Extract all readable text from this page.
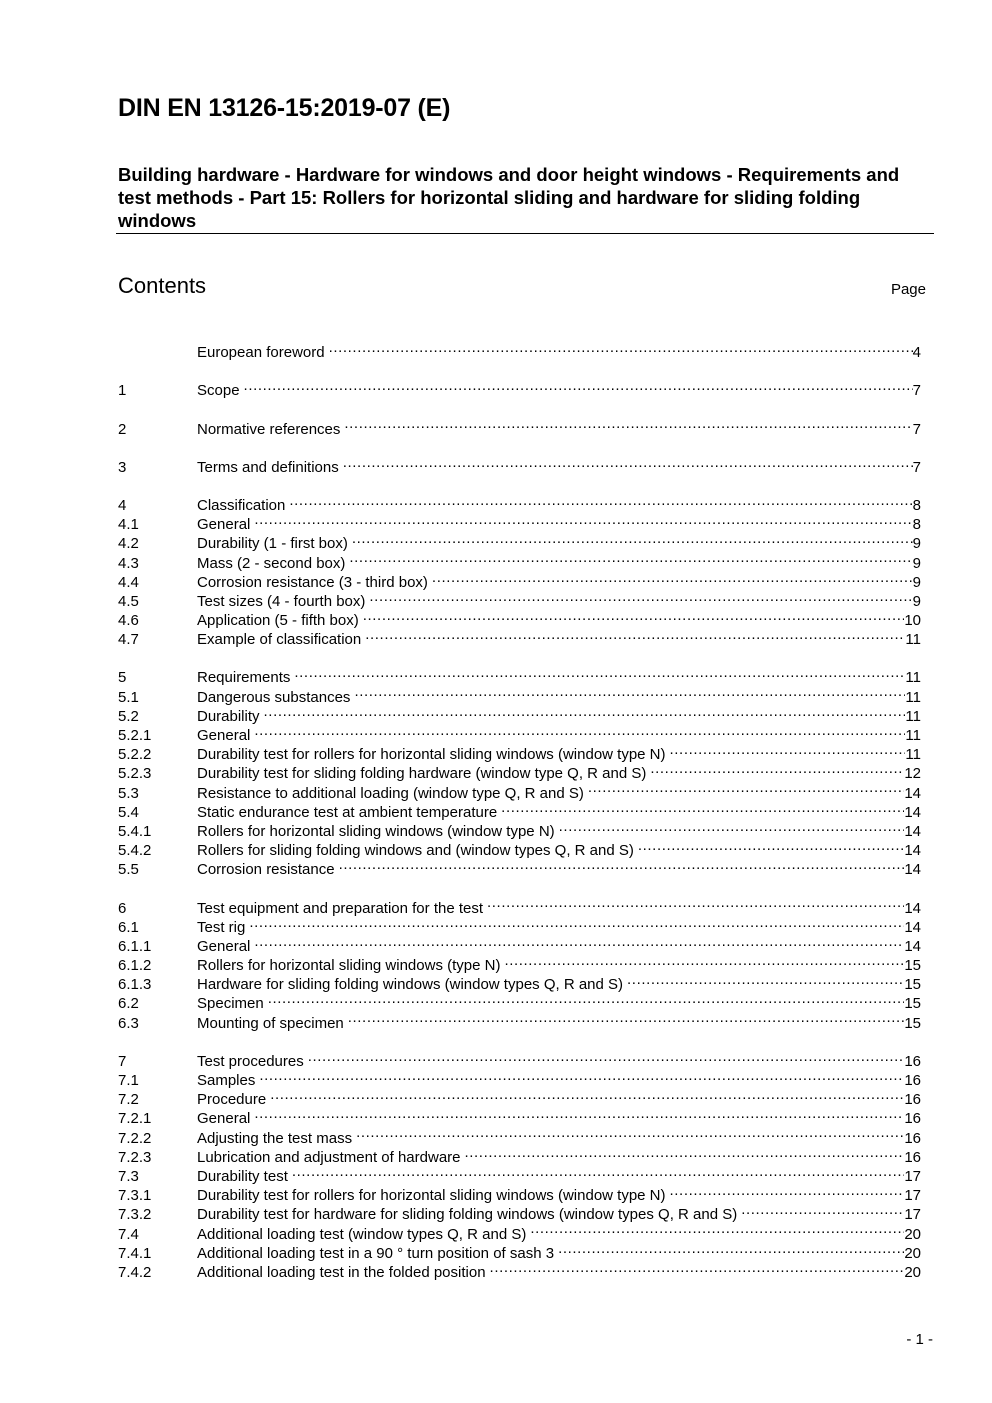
DIN EN 13126-15:2019-07 (E)
Building hardware - Hardware for windows and door height windows - Requirements and test methods - Part 15: Rollers for horizontal sliding and hardware for sliding folding windows
Contents	Page
European foreword .....	4
1	Scope .....	7
2	Normative references .....	7
3	Terms and definitions .....	7
4	Classification .....	8
4.1	General .....	8
4.2	Durability (1 - first box) .....	9
4.3	Mass (2 - second box) .....	9
4.4	Corrosion resistance (3 - third box) .....	9
4.5	Test sizes (4 - fourth box) .....	9
4.6	Application (5 - fifth box) .....	10
4.7	Example of classification .....	11
5	Requirements .....	11
5.1	Dangerous substances .....	11
5.2	Durability .....	11
5.2.1	General .....	11
5.2.2	Durability test for rollers for horizontal sliding windows (window type N) .....	11
5.2.3	Durability test for sliding folding hardware (window type Q, R and S) .....	12
5.3	Resistance to additional loading (window type Q, R and S) .....	14
5.4	Static endurance test at ambient temperature .....	14
5.4.1	Rollers for horizontal sliding windows (window type N) .....	14
5.4.2	Rollers for sliding folding windows and (window types Q, R and S) .....	14
5.5	Corrosion resistance .....	14
6	Test equipment and preparation for the test .....	14
6.1	Test rig .....	14
6.1.1	General .....	14
6.1.2	Rollers for horizontal sliding windows (type N) .....	15
6.1.3	Hardware for sliding folding windows (window types Q, R and S) .....	15
6.2	Specimen .....	15
6.3	Mounting of specimen .....	15
7	Test procedures .....	16
7.1	Samples .....	16
7.2	Procedure .....	16
7.2.1	General .....	16
7.2.2	Adjusting the test mass .....	16
7.2.3	Lubrication and adjustment of hardware .....	16
7.3	Durability test .....	17
7.3.1	Durability test for rollers for horizontal sliding windows (window type N) .....	17
7.3.2	Durability test for hardware for sliding folding windows (window types Q, R and S) .....	17
7.4	Additional loading test (window types Q, R and S) .....	20
7.4.1	Additional loading test in a 90 ° turn position of sash 3 .....	20
7.4.2	Additional loading test in the folded position .....	20
- 1 -
